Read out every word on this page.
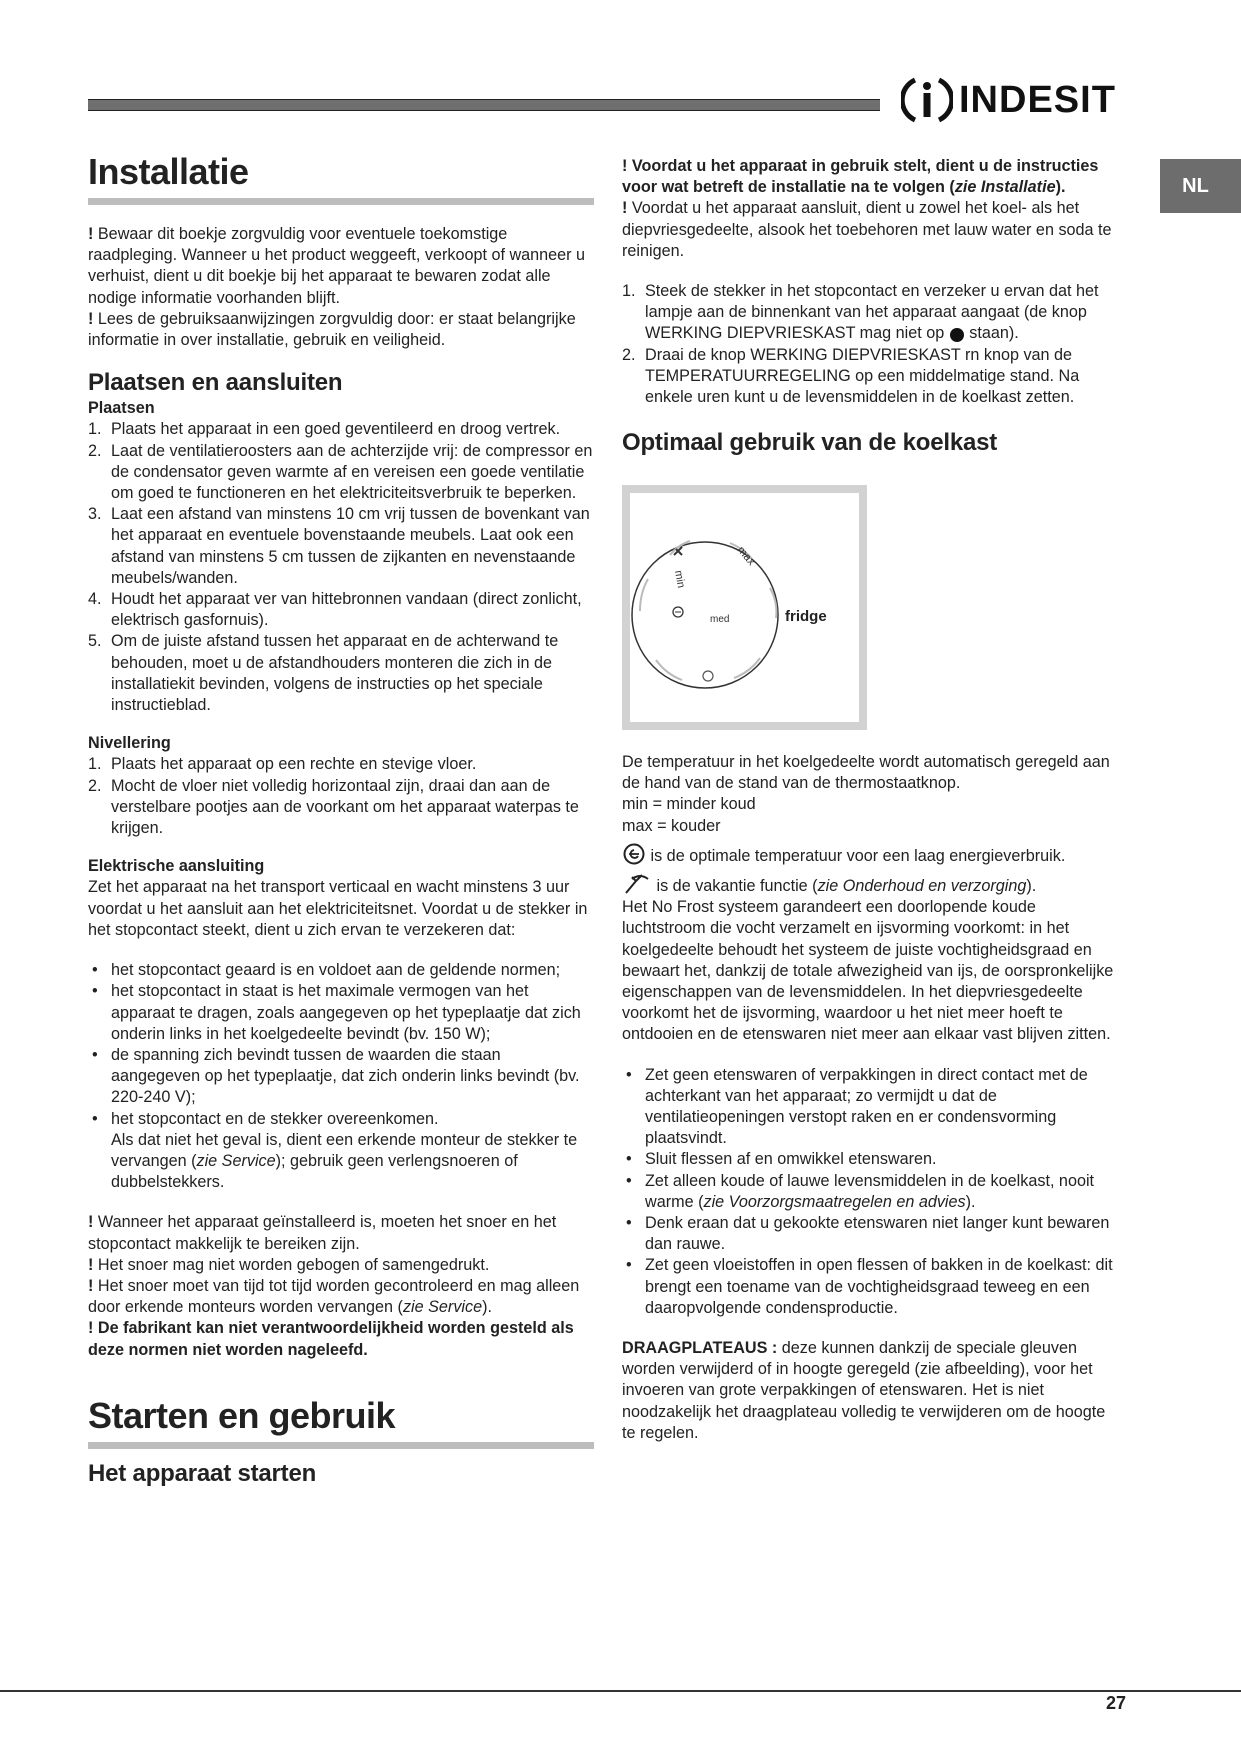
INDESIT
NL
Installatie

! Bewaar dit boekje zorgvuldig voor eventuele toekomstige raadpleging. Wanneer u het product weggeeft, verkoopt of wanneer u verhuist, dient u dit boekje bij het apparaat te bewaren zodat alle nodige informatie voorhanden blijft.

! Lees de gebruiksaanwijzingen zorgvuldig door: er staat belangrijke informatie in over installatie, gebruik en veiligheid.

Plaatsen en aansluiten
Plaatsen
1. Plaats het apparaat in een goed geventileerd en droog vertrek.
2. Laat de ventilatieroosters aan de achterzijde vrij: de compressor en de condensator geven warmte af en vereisen een goede ventilatie om goed te functioneren en het elektriciteitsverbruik te beperken.
3. Laat een afstand van minstens 10 cm vrij tussen de bovenkant van het apparaat en eventuele bovenstaande meubels. Laat ook een afstand van minstens 5 cm tussen de zijkanten en nevenstaande meubels/wanden.
4. Houdt het apparaat ver van hittebronnen vandaan (direct zonlicht, elektrisch gasfornuis).
5. Om de juiste afstand tussen het apparaat en de achterwand te behouden, moet u de afstandhouders monteren die zich in de installatiekit bevinden, volgens de instructies op het speciale instructieblad.
Nivellering
1. Plaats het apparaat op een rechte en stevige vloer.
2. Mocht de vloer niet volledig horizontaal zijn, draai dan aan de verstelbare pootjes aan de voorkant om het apparaat waterpas te krijgen.
Elektrische aansluiting

Zet het apparaat na het transport verticaal en wacht minstens 3 uur voordat u het aansluit aan het elektriciteitsnet. Voordat u de stekker in het stopcontact steekt, dient u zich ervan te verzekeren dat:

• het stopcontact geaard is en voldoet aan de geldende normen;
• het stopcontact in staat is het maximale vermogen van het apparaat te dragen, zoals aangegeven op het typeplaatje dat zich onderin links in het koelgedeelte bevindt (bv. 150 W);
• de spanning zich bevindt tussen de waarden die staan aangegeven op het typeplaatje, dat zich onderin links bevindt (bv. 220-240 V);
• het stopcontact en de stekker overeenkomen.
Als dat niet het geval is, dient een erkende monteur de stekker te vervangen (zie Service); gebruik geen verlengsnoeren of dubbelstekkers.

! Wanneer het apparaat geïnstalleerd is, moeten het snoer en het stopcontact makkelijk te bereiken zijn.

! Het snoer mag niet worden gebogen of samengedrukt.

! Het snoer moet van tijd tot tijd worden gecontroleerd en mag alleen door erkende monteurs worden vervangen (zie Service).

! De fabrikant kan niet verantwoordelijkheid worden gesteld als deze normen niet worden nageleefd.

Starten en gebruik
Het apparaat starten

! Voordat u het apparaat in gebruik stelt, dient u de instructies voor wat betreft de installatie na te volgen (zie Installatie).

! Voordat u het apparaat aansluit, dient u zowel het koel- als het diepvriesgedeelte, alsook het toebehoren met lauw water en soda te reinigen.

1. Steek de stekker in het stopcontact en verzeker u ervan dat het lampje aan de binnenkant van het apparaat aangaat (de knop WERKING DIEPVRIESKAST mag niet op  staan).
2. Draai de knop WERKING DIEPVRIESKAST rn knop van de TEMPERATUURREGELING op een middelmatige stand. Na enkele uren kunt u de levensmiddelen in de koelkast zetten.
Optimaal gebruik van de koelkast
min
max
med	fridge

De temperatuur in het koelgedeelte wordt automatisch geregeld aan de hand van de stand van de thermostaatknop.

min = minder koud

max = kouder

is de optimale temperatuur voor een laag energieverbruik.

is de vakantie functie (zie Onderhoud en verzorging).

Het No Frost systeem garandeert een doorlopende koude luchtstroom die vocht verzamelt en ijsvorming voorkomt: in het koelgedeelte behoudt het systeem de juiste vochtigheidsgraad en bewaart het, dankzij de totale afwezigheid van ijs, de oorspronkelijke eigenschappen van de levensmiddelen. In het diepvriesgedeelte voorkomt het de ijsvorming, waardoor u het niet meer hoeft te ontdooien en de etenswaren niet meer aan elkaar vast blijven zitten.

• Zet geen etenswaren of verpakkingen in direct contact met de achterkant van het apparaat; zo vermijdt u dat de ventilatieopeningen verstopt raken en er condensvorming plaatsvindt.
• Sluit flessen af en omwikkel etenswaren.
• Zet alleen koude of lauwe levensmiddelen in de koelkast, nooit warme (zie Voorzorgsmaatregelen en advies).
• Denk eraan dat u gekookte etenswaren niet langer kunt bewaren dan rauwe.
• Zet geen vloeistoffen in open flessen of bakken in de koelkast: dit brengt een toename van de vochtigheidsgraad teweeg en een daaropvolgende condensproductie.

DRAAGPLATEAUS : deze kunnen dankzij de speciale gleuven worden verwijderd of in hoogte geregeld (zie afbeelding), voor het invoeren van grote verpakkingen of etenswaren. Het is niet noodzakelijk het draagplateau volledig te verwijderen om de hoogte te regelen.

27
